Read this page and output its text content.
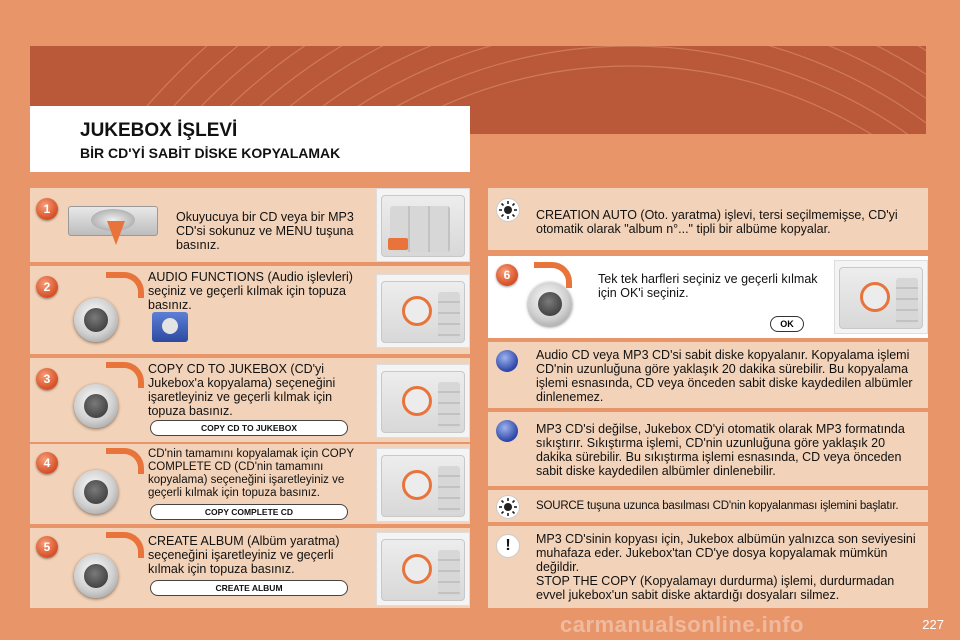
JUKEBOX İŞLEVİ
BİR CD'Yİ SABİT DİSKE KOPYALAMAK
1
Okuyucuya bir CD veya bir MP3 CD'si sokunuz ve MENU tuşuna basınız.
2
AUDIO FUNCTIONS (Audio işlevleri) seçiniz ve geçerli kılmak için topuza basınız.
3
COPY CD TO JUKEBOX (CD'yi Jukebox'a kopyalama) seçeneğini işaretleyiniz ve geçerli kılmak için topuza basınız.
COPY CD TO JUKEBOX
4
CD'nin tamamını kopyalamak için COPY COMPLETE CD (CD'nin tamamını kopyalama) seçeneğini işaretleyiniz ve geçerli kılmak için topuza basınız.
COPY COMPLETE CD
5	CREATE ALBUM (Albüm yaratma) seçeneğini işaretleyiniz ve geçerli kılmak için topuza basınız.
CREATE ALBUM
CREATION AUTO (Oto. yaratma) işlevi, tersi seçilmemişse, CD'yi otomatik olarak "album n°..." tipli bir albüme kopyalar.
6	Tek tek harfleri seçiniz ve geçerli kılmak için OK'i seçiniz.
OK
Audio CD veya MP3 CD'si sabit diske kopyalanır. Kopyalama işlemi CD'nin uzunluğuna göre yaklaşık 20 dakika sürebilir. Bu kopyalama işlemi esnasında, CD veya önceden sabit diske kaydedilen albümler dinlenemez.
MP3 CD'si değilse, Jukebox CD'yi otomatik olarak MP3 formatında sıkıştırır. Sıkıştırma işlemi, CD'nin uzunluğuna göre yaklaşık 20 dakika sürebilir. Bu sıkıştırma işlemi esnasında, CD veya önceden sabit diske kaydedilen albümler dinlenebilir.
SOURCE tuşuna uzunca basılması CD'nin kopyalanması işlemini başlatır.
!	MP3 CD'sinin kopyası için, Jukebox albümün yalnızca son seviyesini muhafaza eder. Jukebox'tan CD'ye dosya kopyalamak mümkün değildir.
STOP THE COPY (Kopyalamayı durdurma) işlemi, durdurmadan evvel jukebox'un sabit diske aktardığı dosyaları silmez.
227
carmanualsonline.info
